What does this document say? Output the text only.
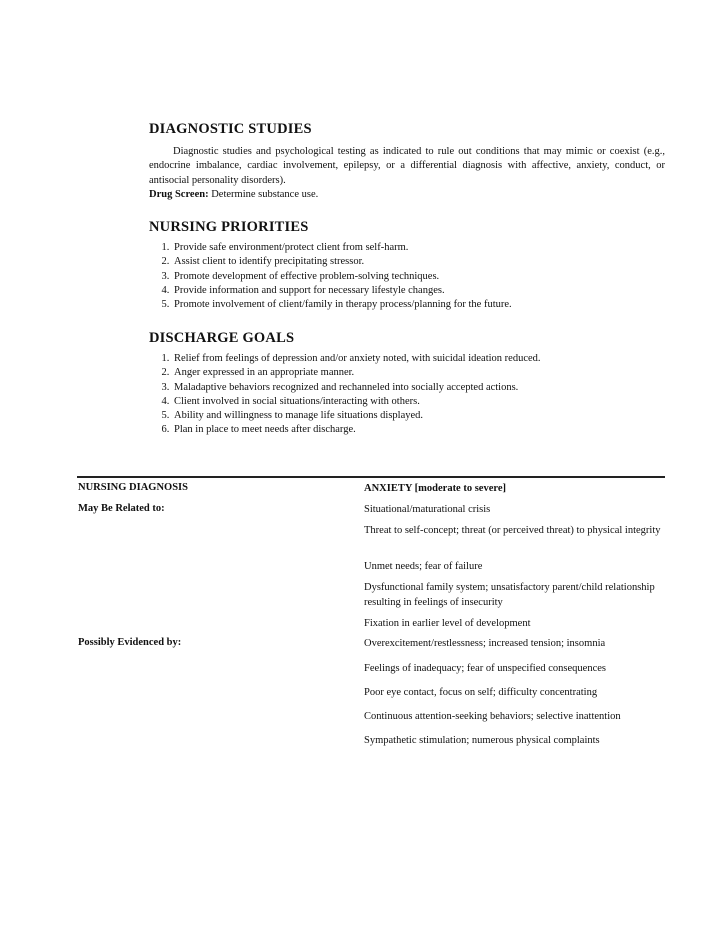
DIAGNOSTIC STUDIES

Diagnostic studies and psychological testing as indicated to rule out conditions that may mimic or coexist (e.g., endocrine imbalance, cardiac involvement, epilepsy, or a differential diagnosis with affective, anxiety, conduct, or antisocial personality disorders).

Drug Screen: Determine substance use.

NURSING PRIORITIES
1. Provide safe environment/protect client from self-harm.
2. Assist client to identify precipitating stressor.
3. Promote development of effective problem-solving techniques.
4. Provide information and support for necessary lifestyle changes.
5. Promote involvement of client/family in therapy process/planning for the future.
DISCHARGE GOALS
1. Relief from feelings of depression and/or anxiety noted, with suicidal ideation reduced.
2. Anger expressed in an appropriate manner.
3. Maladaptive behaviors recognized and rechanneled into socially accepted actions.
4. Client involved in social situations/interacting with others.
5. Ability and willingness to manage life situations displayed.
6. Plan in place to meet needs after discharge.
NURSING DIAGNOSIS	ANXIETY [moderate to severe]
May Be Related to:	Situational/maturational crisis
Threat to self-concept; threat (or perceived threat) to physical integrity
Unmet needs; fear of failure
Dysfunctional family system; unsatisfactory parent/child relationship resulting in feelings of insecurity
Fixation in earlier level of development
Possibly Evidenced by:	Overexcitement/restlessness; increased tension; insomnia
Feelings of inadequacy; fear of unspecified consequences
Poor eye contact, focus on self; difficulty concentrating
Continuous attention-seeking behaviors; selective inattention
Sympathetic stimulation; numerous physical complaints
